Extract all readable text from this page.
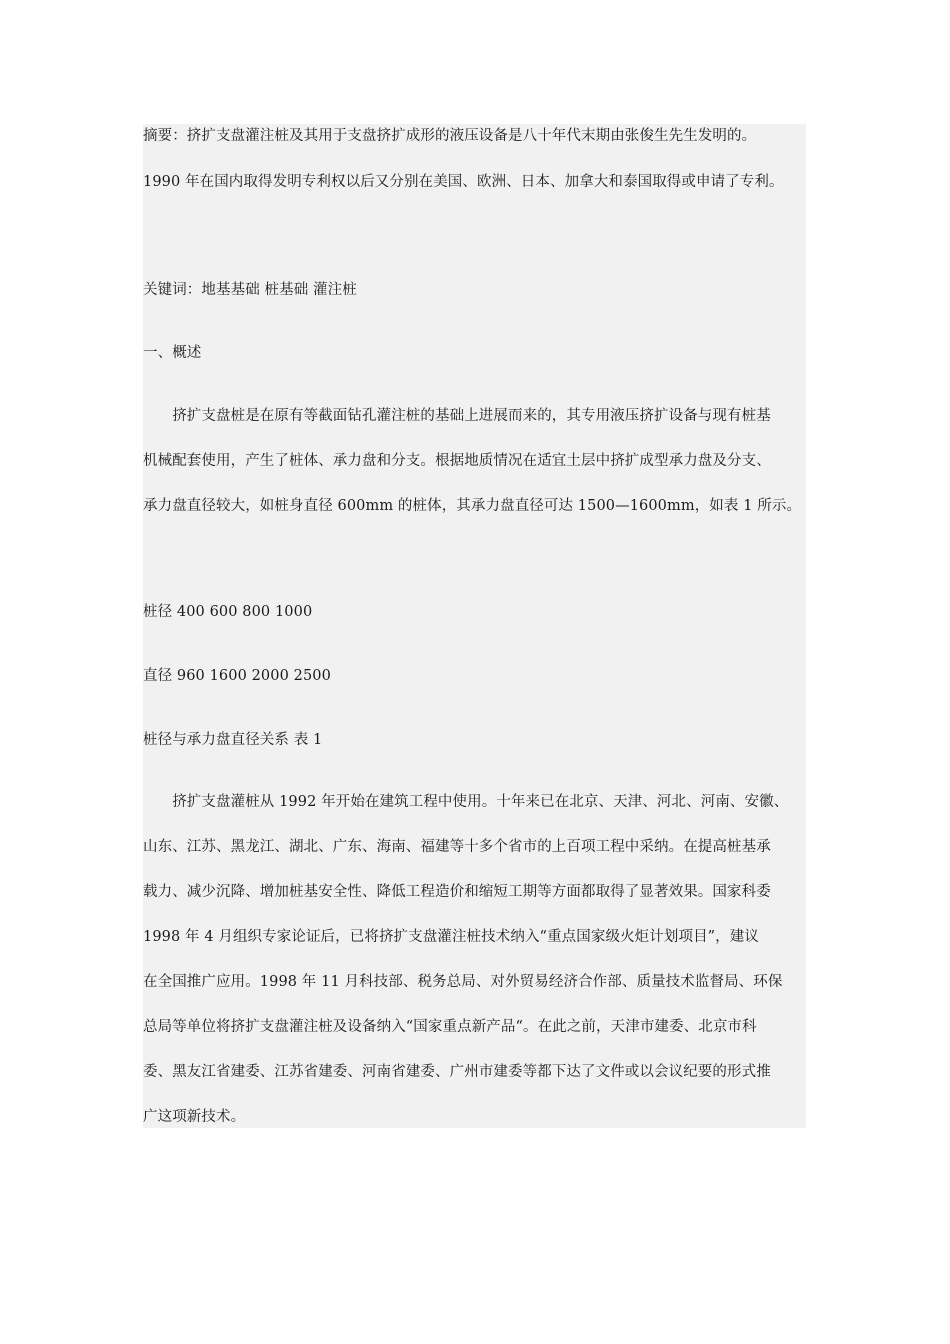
摘要：挤扩支盘灌注桩及其用于支盘挤扩成形的液压设备是八十年代末期由张俊生先生发明的。
1990 年在国内取得发明专利权以后又分别在美国、欧洲、日本、加拿大和泰国取得或申请了专利。
关键词：地基基础 桩基础 灌注桩
一、概述
　　挤扩支盘桩是在原有等截面钻孔灌注桩的基础上进展而来的，其专用液压挤扩设备与现有桩基
机械配套使用，产生了桩体、承力盘和分支。根据地质情况在适宜土层中挤扩成型承力盘及分支、
承力盘直径较大，如桩身直径 600mm 的桩体，其承力盘直径可达 1500—1600mm，如表 1 所示。
桩径 400 600 800 1000
直径 960 1600 2000 2500
桩径与承力盘直径关系 表 1
　　挤扩支盘灌桩从 1992 年开始在建筑工程中使用。十年来已在北京、天津、河北、河南、安徽、
山东、江苏、黑龙江、湖北、广东、海南、福建等十多个省市的上百项工程中采纳。在提高桩基承
载力、减少沉降、增加桩基安全性、降低工程造价和缩短工期等方面都取得了显著效果。国家科委
1998 年 4 月组织专家论证后，已将挤扩支盘灌注桩技术纳入“重点国家级火炬计划项目”，建议
在全国推广应用。1998 年 11 月科技部、税务总局、对外贸易经济合作部、质量技术监督局、环保
总局等单位将挤扩支盘灌注桩及设备纳入“国家重点新产品“。在此之前，天津市建委、北京市科
委、黑友江省建委、江苏省建委、河南省建委、广州市建委等都下达了文件或以会议纪要的形式推
广这项新技术。
